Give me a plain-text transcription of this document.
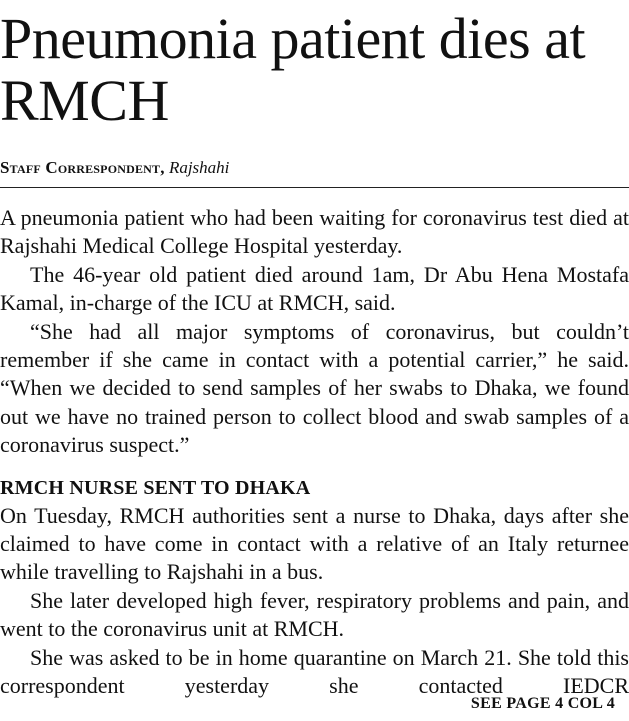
Pneumonia patient dies at RMCH
Staff Correspondent, Rajshahi

A pneumonia patient who had been waiting for coronavirus test died at Rajshahi Medical College Hospital yesterday.

The 46-year old patient died around 1am, Dr Abu Hena Mostafa Kamal, in-charge of the ICU at RMCH, said.

“She had all major symptoms of coronavirus, but couldn’t remember if she came in contact with a potential carrier,” he said. “When we decided to send samples of her swabs to Dhaka, we found out we have no trained person to collect blood and swab samples of a coronavirus suspect.”

RMCH NURSE SENT TO DHAKA

On Tuesday, RMCH authorities sent a nurse to Dhaka, days after she claimed to have come in contact with a relative of an Italy returnee while travelling to Rajshahi in a bus.

She later developed high fever, respiratory problems and pain, and went to the coronavirus unit at RMCH.

She was asked to be in home quarantine on March 21. She told this correspondent yesterday she contacted IEDCR

SEE PAGE 4 COL 4
